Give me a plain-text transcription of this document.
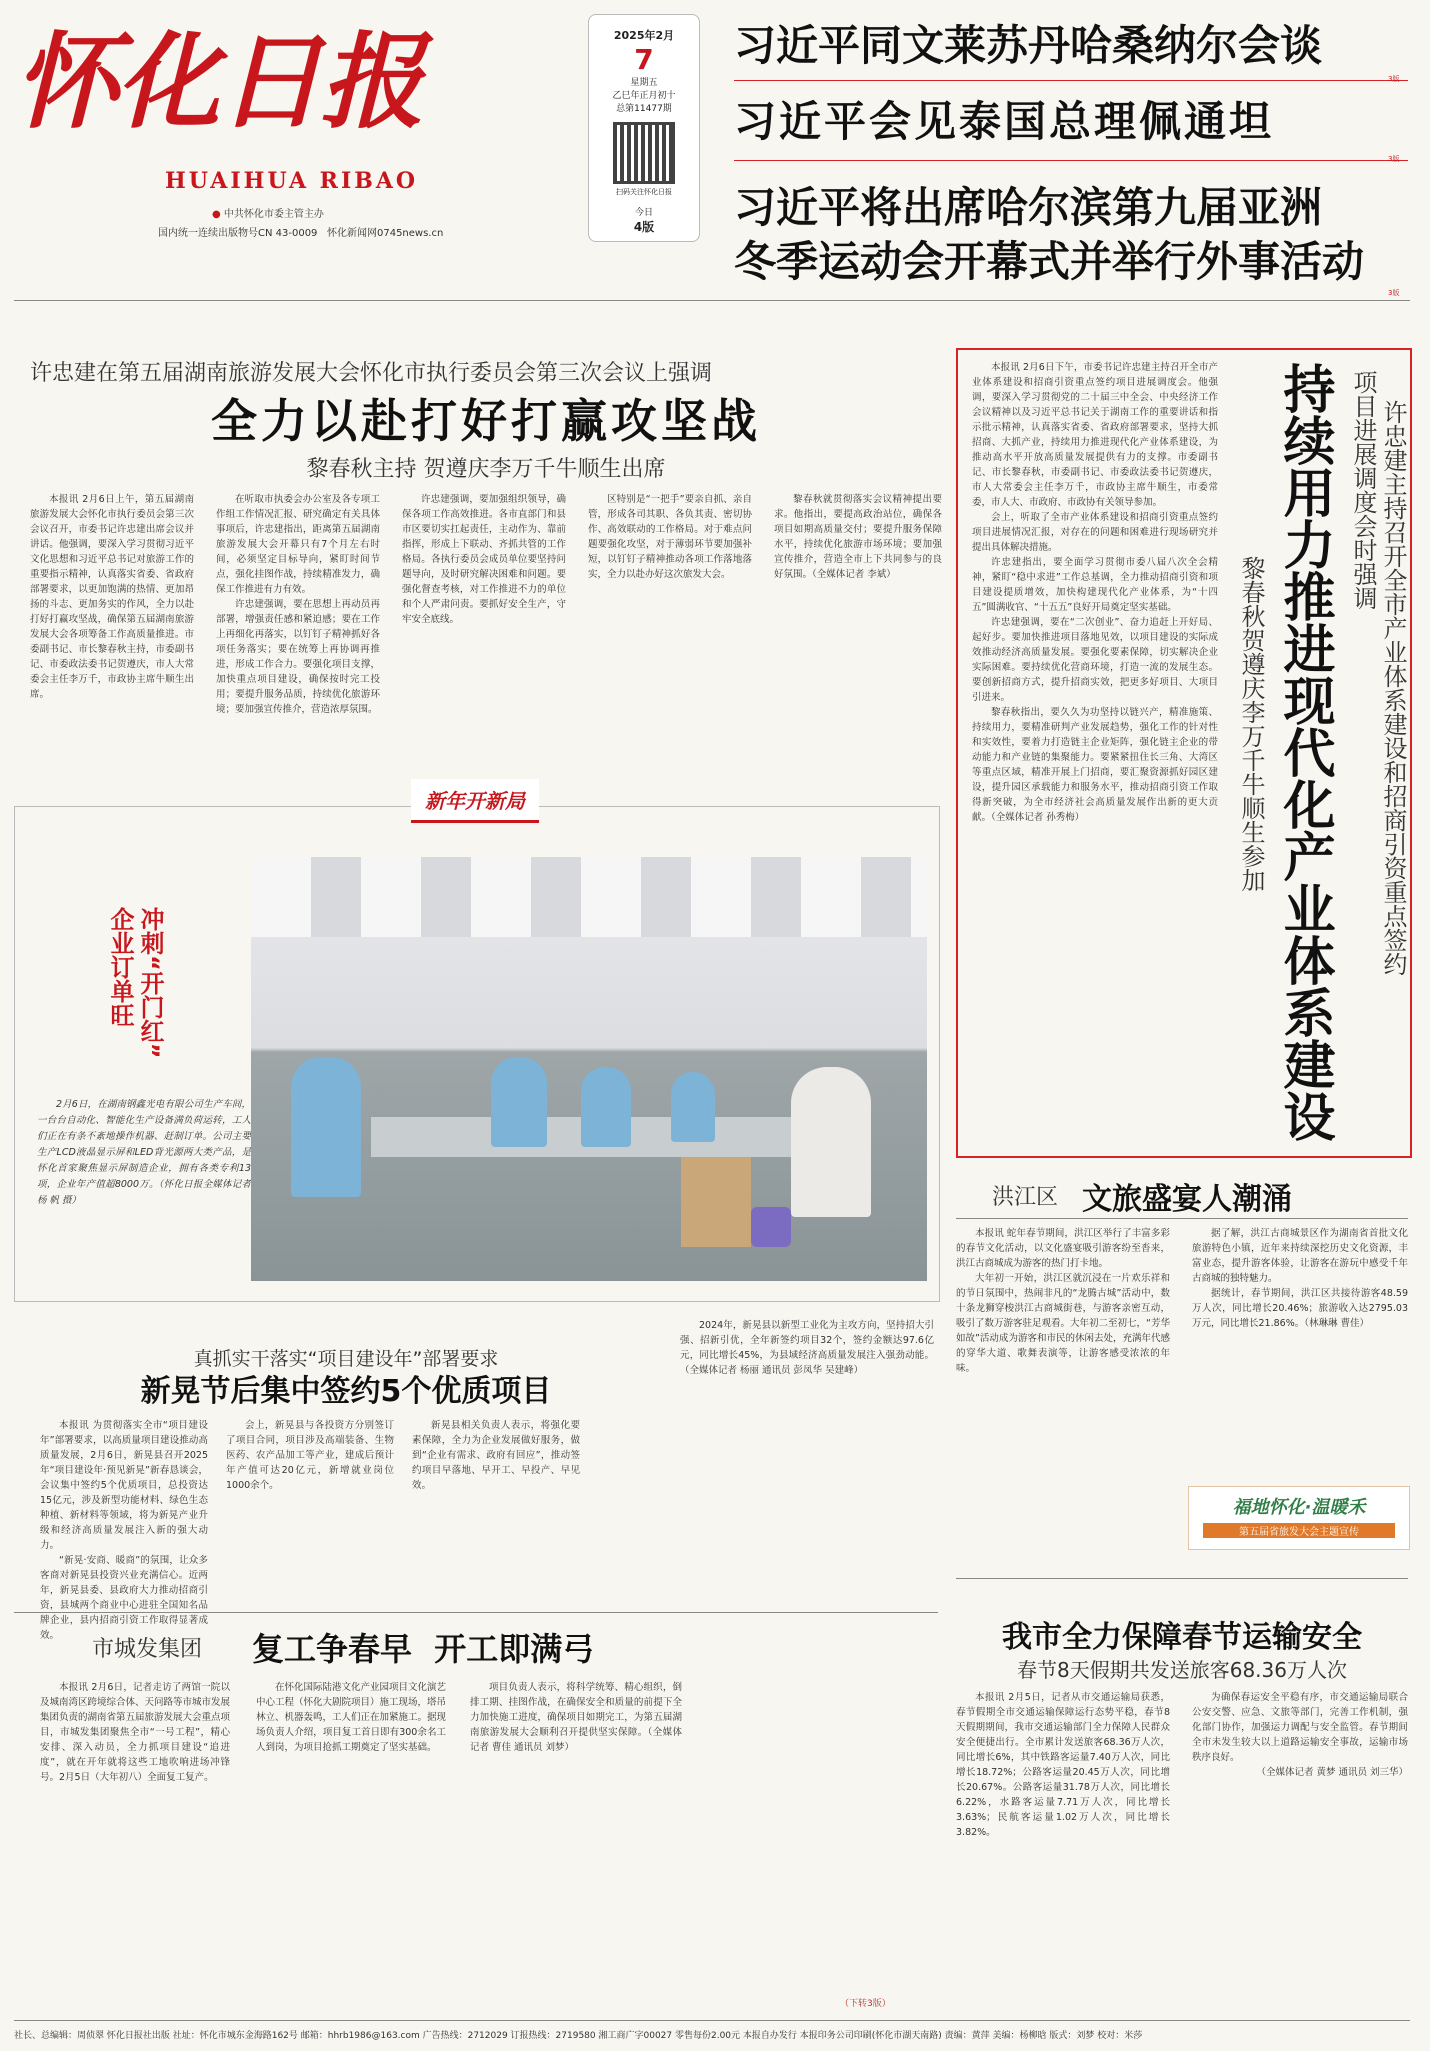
怀化日报
HUAIHUA RIBAO
● 中共怀化市委主管主办
国内统一连续出版物号CN 43-0009 怀化新闻网0745news.cn
2025年2月
7
星期五
乙巳年正月初十
总第11477期
扫码关注怀化日报
今日
4版
习近平同文莱苏丹哈桑纳尔会谈
3版
习近平会见泰国总理佩通坦
3版
习近平将出席哈尔滨第九届亚洲
冬季运动会开幕式并举行外事活动
3版
许忠建在第五届湖南旅游发展大会怀化市执行委员会第三次会议上强调
全力以赴打好打赢攻坚战
黎春秋主持 贺遵庆李万千牛顺生出席

本报讯 2月6日上午，第五届湖南旅游发展大会怀化市执行委员会第三次会议召开，市委书记许忠建出席会议并讲话。他强调，要深入学习贯彻习近平文化思想和习近平总书记对旅游工作的重要指示精神，认真落实省委、省政府部署要求，以更加饱满的热情、更加昂扬的斗志、更加务实的作风，全力以赴打好打赢攻坚战，确保第五届湖南旅游发展大会各项筹备工作高质量推进。市委副书记、市长黎春秋主持，市委副书记、市委政法委书记贺遵庆，市人大常委会主任李万千，市政协主席牛顺生出席。

在听取市执委会办公室及各专项工作组工作情况汇报、研究确定有关具体事项后，许忠建指出，距离第五届湖南旅游发展大会开幕只有7个月左右时间，必须坚定目标导向，紧盯时间节点，强化挂图作战，持续精准发力，确保工作推进有力有效。

许忠建强调，要在思想上再动员再部署，增强责任感和紧迫感；要在工作上再细化再落实，以钉钉子精神抓好各项任务落实；要在统筹上再协调再推进，形成工作合力。要强化项目支撑，加快重点项目建设，确保按时完工投用；要提升服务品质，持续优化旅游环境；要加强宣传推介，营造浓厚氛围。

许忠建强调，要加强组织领导，确保各项工作高效推进。各市直部门和县市区要切实扛起责任，主动作为、靠前指挥，形成上下联动、齐抓共管的工作格局。各执行委员会成员单位要坚持问题导向，及时研究解决困难和问题。要强化督查考核，对工作推进不力的单位和个人严肃问责。要抓好安全生产，守牢安全底线。

区特别是“一把手”要亲自抓、亲自管，形成各司其职、各负其责、密切协作、高效联动的工作格局。对于难点问题要强化攻坚，对于薄弱环节要加强补短，以钉钉子精神推动各项工作落地落实，全力以赴办好这次旅发大会。

黎春秋就贯彻落实会议精神提出要求。他指出，要提高政治站位，确保各项目如期高质量交付；要提升服务保障水平，持续优化旅游市场环境；要加强宣传推介，营造全市上下共同参与的良好氛围。（全媒体记者 李斌）

本报讯 2月6日下午，市委书记许忠建主持召开全市产业体系建设和招商引资重点签约项目进展调度会。他强调，要深入学习贯彻党的二十届三中全会、中央经济工作会议精神以及习近平总书记关于湖南工作的重要讲话和指示批示精神，认真落实省委、省政府部署要求，坚持大抓招商、大抓产业，持续用力推进现代化产业体系建设，为推动高水平开放高质量发展提供有力的支撑。市委副书记、市长黎春秋，市委副书记、市委政法委书记贺遵庆，市人大常委会主任李万千，市政协主席牛顺生，市委常委，市人大、市政府、市政协有关领导参加。

会上，听取了全市产业体系建设和招商引资重点签约项目进展情况汇报，对存在的问题和困难进行现场研究并提出具体解决措施。

许忠建指出，要全面学习贯彻市委八届八次全会精神，紧盯“稳中求进”工作总基调，全力推动招商引资和项目建设提质增效，加快构建现代化产业体系，为“十四五”圆满收官、“十五五”良好开局奠定坚实基础。

许忠建强调，要在“二次创业”、奋力追赶上开好局、起好步。要加快推进项目落地见效，以项目建设的实际成效推动经济高质量发展。要强化要素保障，切实解决企业实际困难。要持续优化营商环境，打造一流的发展生态。要创新招商方式，提升招商实效，把更多好项目、大项目引进来。

黎春秋指出，要久久为功坚持以链兴产，精准施策、持续用力，要精准研判产业发展趋势，强化工作的针对性和实效性，要着力打造链主企业矩阵，强化链主企业的带动能力和产业链的集聚能力。要紧紧扭住长三角、大湾区等重点区域，精准开展上门招商，要汇聚资源抓好园区建设，提升园区承载能力和服务水平，推动招商引资工作取得新突破，为全市经济社会高质量发展作出新的更大贡献。（全媒体记者 孙秀梅）	许忠建主持召开全市产业体系建设和招商引资重点签约
项目进展调度会时强调
持续用力推进现代化产业体系建设
黎春秋贺遵庆李万千牛顺生参加
新年开新局
冲刺“开门红”
企业订单旺

2月6日，在湖南钢鑫光电有限公司生产车间，一台台自动化、智能化生产设备满负荷运转，工人们正在有条不紊地操作机器、赶制订单。公司主要生产LCD液晶显示屏和LED背光源两大类产品，是怀化首家聚焦显示屏制造企业，拥有各类专利13项，企业年产值超8000万。（怀化日报全媒体记者 杨 帆 摄）	洪江区 文旅盛宴人潮涌

本报讯 蛇年春节期间，洪江区举行了丰富多彩的春节文化活动，以文化盛宴吸引游客纷至沓来，洪江古商城成为游客的热门打卡地。

大年初一开始，洪江区就沉浸在一片欢乐祥和的节日氛围中，热闹非凡的“龙腾古城”活动中，数十条龙狮穿梭洪江古商城街巷，与游客亲密互动，吸引了数万游客驻足观看。大年初二至初七，“芳华如故”活动成为游客和市民的休闲去处，充满年代感的穿华大道、歌舞表演等，让游客感受浓浓的年味。

据了解，洪江古商城景区作为湖南省首批文化旅游特色小镇，近年来持续深挖历史文化资源，丰富业态，提升游客体验，让游客在游玩中感受千年古商城的独特魅力。

据统计，春节期间，洪江区共接待游客48.59万人次，同比增长20.46%；旅游收入达2795.03万元，同比增长21.86%。（林琳琳 曹佳）

福地怀化·温暖禾
第五届省旅发大会主题宣传
我市全力保障春节运输安全
春节8天假期共发送旅客68.36万人次

本报讯 2月5日，记者从市交通运输局获悉，春节假期全市交通运输保障运行态势平稳，春节8天假期期间，我市交通运输部门全力保障人民群众安全便捷出行。全市累计发送旅客68.36万人次，同比增长6%，其中铁路客运量7.40万人次，同比增长18.72%；公路客运量20.45万人次，同比增长20.67%。公路客运量31.78万人次，同比增长6.22%，水路客运量7.71万人次，同比增长3.63%；民航客运量1.02万人次，同比增长3.82%。

为确保春运安全平稳有序，市交通运输局联合公安交警、应急、文旅等部门，完善工作机制，强化部门协作，加强运力调配与安全监管。春节期间全市未发生较大以上道路运输安全事故，运输市场秩序良好。

（全媒体记者 黄梦 通讯员 刘三华）

真抓实干落实“项目建设年”部署要求
新晃节后集中签约5个优质项目

本报讯 为贯彻落实全市“项目建设年”部署要求，以高质量项目建设推动高质量发展，2月6日，新晃县召开2025年“项目建设年·预见新晃”新春恳谈会，会议集中签约5个优质项目，总投资达15亿元，涉及新型功能材料、绿色生态种植、新材料等领域，将为新晃产业升级和经济高质量发展注入新的强大动力。

“新晃·安商、暖商”的氛围，让众多客商对新晃县投资兴业充满信心。近两年，新晃县委、县政府大力推动招商引资，县城两个商业中心进驻全国知名品牌企业，县内招商引资工作取得显著成效。

会上，新晃县与各投资方分别签订了项目合同，项目涉及高端装备、生物医药、农产品加工等产业，建成后预计年产值可达20亿元，新增就业岗位1000余个。

新晃县相关负责人表示，将强化要素保障，全力为企业发展做好服务，做到“企业有需求、政府有回应”，推动签约项目早落地、早开工、早投产、早见效。

2024年，新晃县以新型工业化为主攻方向，坚持招大引强、招新引优，全年新签约项目32个，签约金额达97.6亿元，同比增长45%，为县域经济高质量发展注入强劲动能。（全媒体记者 杨丽 通讯员 彭凤华 吴建峰）

市城发集团 复工争春早  开工即满弓

本报讯 2月6日，记者走访了两馆一院以及城南湾区跨境综合体、天问路等市城市发展集团负责的湖南省第五届旅游发展大会重点项目，市城发集团聚焦全市“一号工程”，精心安排、深入动员，全力抓项目建设“追进度”，就在开年就将这些工地吹响进场冲锋号。2月5日（大年初八）全面复工复产。

在怀化国际陆港文化产业园项目文化演艺中心工程（怀化大剧院项目）施工现场，塔吊林立、机器轰鸣，工人们正在加紧施工。据现场负责人介绍，项目复工首日即有300余名工人到岗，为项目抢抓工期奠定了坚实基础。

项目负责人表示，将科学统筹、精心组织，倒排工期、挂图作战，在确保安全和质量的前提下全力加快施工进度，确保项目如期完工，为第五届湖南旅游发展大会顺利召开提供坚实保障。（全媒体记者 曹佳 通讯员 刘梦）

（下转3版）
社长、总编辑：周侦翠 怀化日报社出版 社址：怀化市城东金海路162号 邮箱：hhrb1986@163.com 广告热线：2712029 订报热线：2719580 湘工商广字00027 零售每份2.00元 本报自办发行 本报印务公司印刷(怀化市湖天南路) 责编：黄萍 美编：杨柳晗 版式：刘梦 校对：米莎
